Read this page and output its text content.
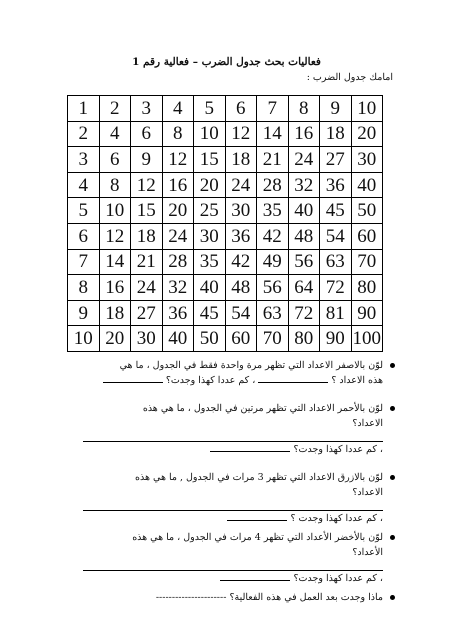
فعاليات بحث جدول الضرب – فعالية رقم 1
امامك جدول الضرب :
1	2	3	4	5	6	7	8	9	10
2	4	6	8	10	12	14	16	18	20
3	6	9	12	15	18	21	24	27	30
4	8	12	16	20	24	28	32	36	40
5	10	15	20	25	30	35	40	45	50
6	12	18	24	30	36	42	48	54	60
7	14	21	28	35	42	49	56	63	70
8	16	24	32	40	48	56	64	72	80
9	18	27	36	45	54	63	72	81	90
10	20	30	40	50	60	70	80	90	100
لوّن بالاصفر الاعداد التي تظهر مرة واحدة فقط في الجدول ، ما هي
هذه الاعداد ؟  ، كم عددا كهذا وجدت؟
لوّن بالأحمر الاعداد التي تظهر مرتين في الجدول ، ما هي هذه
الاعداد؟
، كم عددا كهذا وجدت؟
لوّن بالازرق الاعداد التي تظهر 3 مرات في الجدول , ما هي هذه
الاعداد؟
، كم عددا كهذا وجدت ؟
لوّن بالأخضر الأعداد التي تظهر 4 مرات في الجدول ، ما هي هذه
الأعداد؟
، كم عددا كهذا وجدت؟
ماذا وجدت بعد العمل في هذه الفعالية؟ ----------------------
